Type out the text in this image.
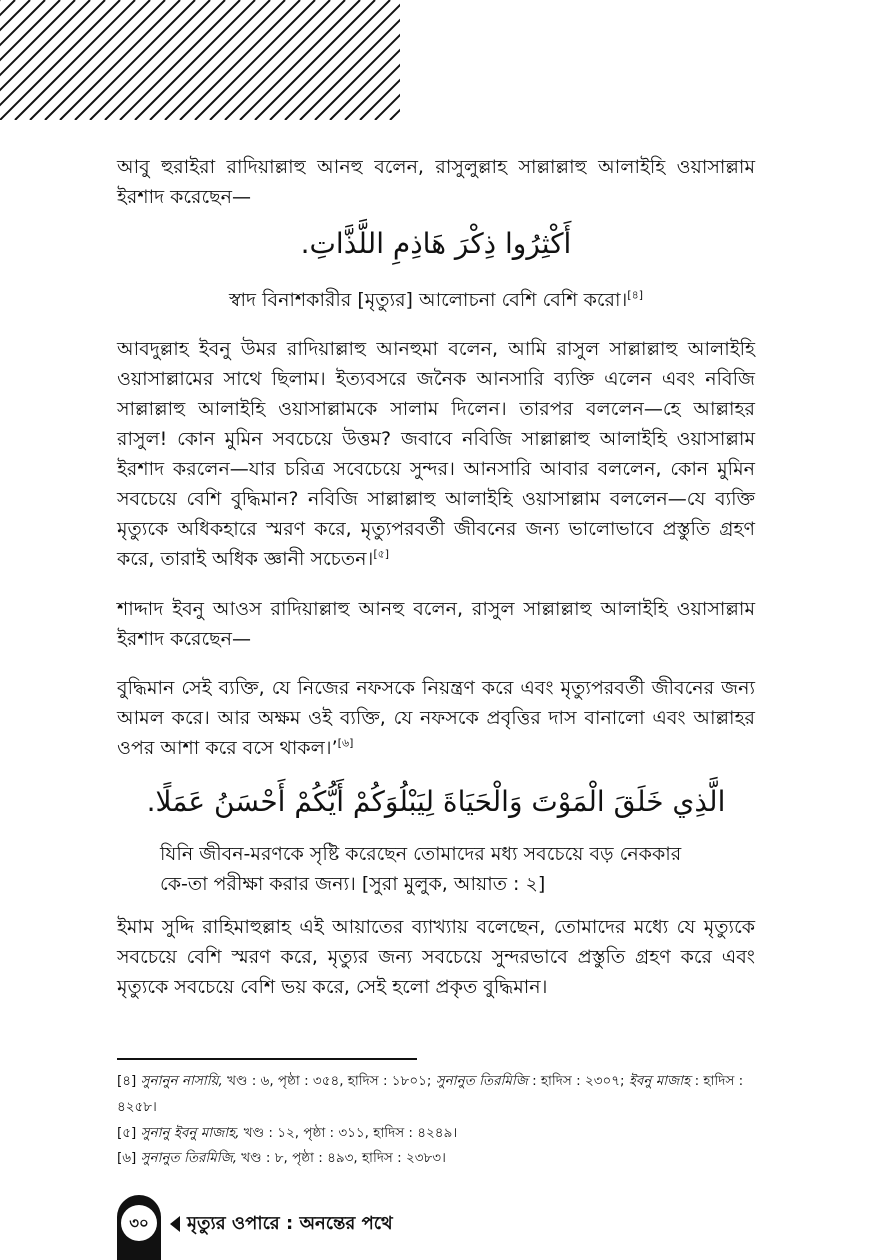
আবু হুরাইরা রাদিয়াল্লাহু আনহু বলেন, রাসুলুল্লাহ সাল্লাল্লাহু আলাইহি ওয়াসাল্লাম ইরশাদ করেছেন—

أَكْثِرُوا ذِكْرَ هَاذِمِ اللَّذَّاتِ.

স্বাদ বিনাশকারীর [মৃত্যুর] আলোচনা বেশি বেশি করো।[৪]

আবদুল্লাহ ইবনু উমর রাদিয়াল্লাহু আনহুমা বলেন, আমি রাসুল সাল্লাল্লাহু আলাইহি ওয়াসাল্লামের সাথে ছিলাম। ইত্যবসরে জনৈক আনসারি ব্যক্তি এলেন এবং নবিজি সাল্লাল্লাহু আলাইহি ওয়াসাল্লামকে সালাম দিলেন। তারপর বললেন—হে আল্লাহর রাসুল! কোন মুমিন সবচেয়ে উত্তম? জবাবে নবিজি সাল্লাল্লাহু আলাইহি ওয়াসাল্লাম ইরশাদ করলেন—যার চরিত্র সবেচেয়ে সুন্দর। আনসারি আবার বললেন, কোন মুমিন সবচেয়ে বেশি বুদ্ধিমান? নবিজি সাল্লাল্লাহু আলাইহি ওয়াসাল্লাম বললেন—যে ব্যক্তি মৃত্যুকে অধিকহারে স্মরণ করে, মৃত্যুপরবর্তী জীবনের জন্য ভালোভাবে প্রস্তুতি গ্রহণ করে, তারাই অধিক জ্ঞানী সচেতন।[৫]

শাদ্দাদ ইবনু আওস রাদিয়াল্লাহু আনহু বলেন, রাসুল সাল্লাল্লাহু আলাইহি ওয়াসাল্লাম ইরশাদ করেছেন—

বুদ্ধিমান সেই ব্যক্তি, যে নিজের নফসকে নিয়ন্ত্রণ করে এবং মৃত্যুপরবর্তী জীবনের জন্য আমল করে। আর অক্ষম ওই ব্যক্তি, যে নফসকে প্রবৃত্তির দাস বানালো এবং আল্লাহর ওপর আশা করে বসে থাকল।’[৬]

الَّذِي خَلَقَ الْمَوْتَ وَالْحَيَاةَ لِيَبْلُوَكُمْ أَيُّكُمْ أَحْسَنُ عَمَلًا.

যিনি জীবন-মরণকে সৃষ্টি করেছেন তোমাদের মধ্য সবচেয়ে বড় নেককার

কে-তা পরীক্ষা করার জন্য। [সুরা মুলুক, আয়াত : ২]

ইমাম সুদ্দি রাহিমাহুল্লাহ এই আয়াতের ব্যাখ্যায় বলেছেন, তোমাদের মধ্যে যে মৃত্যুকে সবচেয়ে বেশি স্মরণ করে, মৃত্যুর জন্য সবচেয়ে সুন্দরভাবে প্রস্তুতি গ্রহণ করে এবং মৃত্যুকে সবচেয়ে বেশি ভয় করে, সেই হলো প্রকৃত বুদ্ধিমান।

[৪] সুনানুন নাসায়ি, খণ্ড : ৬, পৃষ্ঠা : ৩৫৪, হাদিস : ১৮০১; সুনানুত তিরমিজি : হাদিস : ২৩০৭; ইবনু মাজাহ : হাদিস : ৪২৫৮।

[৫] সুনানু ইবনু মাজাহ, খণ্ড : ১২, পৃষ্ঠা : ৩১১, হাদিস : ৪২৪৯।

[৬] সুনানুত তিরমিজি, খণ্ড : ৮, পৃষ্ঠা : ৪৯৩, হাদিস : ২৩৮৩।

৩০	মৃত্যুর ওপারে : অনন্তের পথে
